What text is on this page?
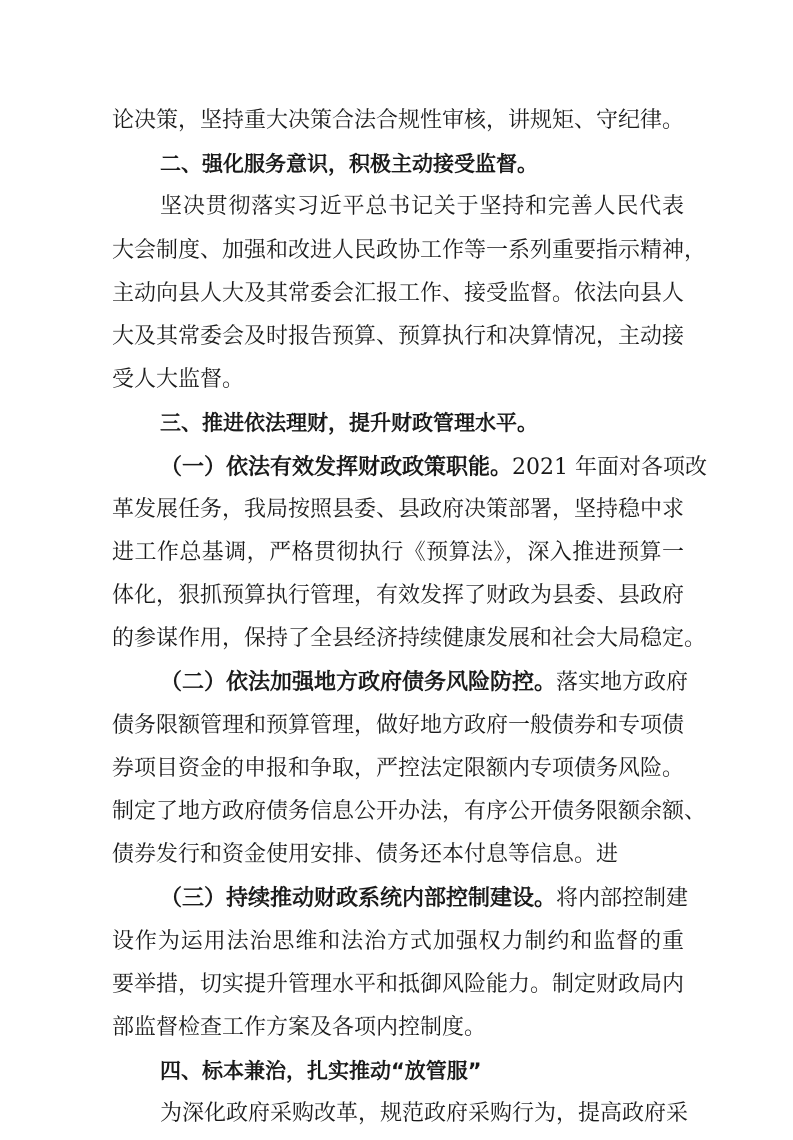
论决策，坚持重大决策合法合规性审核，讲规矩、守纪律。
二、强化服务意识，积极主动接受监督。
坚决贯彻落实习近平总书记关于坚持和完善人民代表
大会制度、加强和改进人民政协工作等一系列重要指示精神，
主动向县人大及其常委会汇报工作、接受监督。依法向县人
大及其常委会及时报告预算、预算执行和决算情况，主动接
受人大监督。
三、推进依法理财，提升财政管理水平。
（一）依法有效发挥财政政策职能。2021 年面对各项改
革发展任务，我局按照县委、县政府决策部署，坚持稳中求
进工作总基调，严格贯彻执行《预算法》，深入推进预算一
体化，狠抓预算执行管理，有效发挥了财政为县委、县政府
的参谋作用，保持了全县经济持续健康发展和社会大局稳定。
（二）依法加强地方政府债务风险防控。落实地方政府
债务限额管理和预算管理，做好地方政府一般债券和专项债
券项目资金的申报和争取，严控法定限额内专项债务风险。
制定了地方政府债务信息公开办法，有序公开债务限额余额、
债券发行和资金使用安排、债务还本付息等信息。进
（三）持续推动财政系统内部控制建设。将内部控制建
设作为运用法治思维和法治方式加强权力制约和监督的重
要举措，切实提升管理水平和抵御风险能力。制定财政局内
部监督检查工作方案及各项内控制度。
四、标本兼治，扎实推动“放管服”
为深化政府采购改革，规范政府采购行为，提高政府采
